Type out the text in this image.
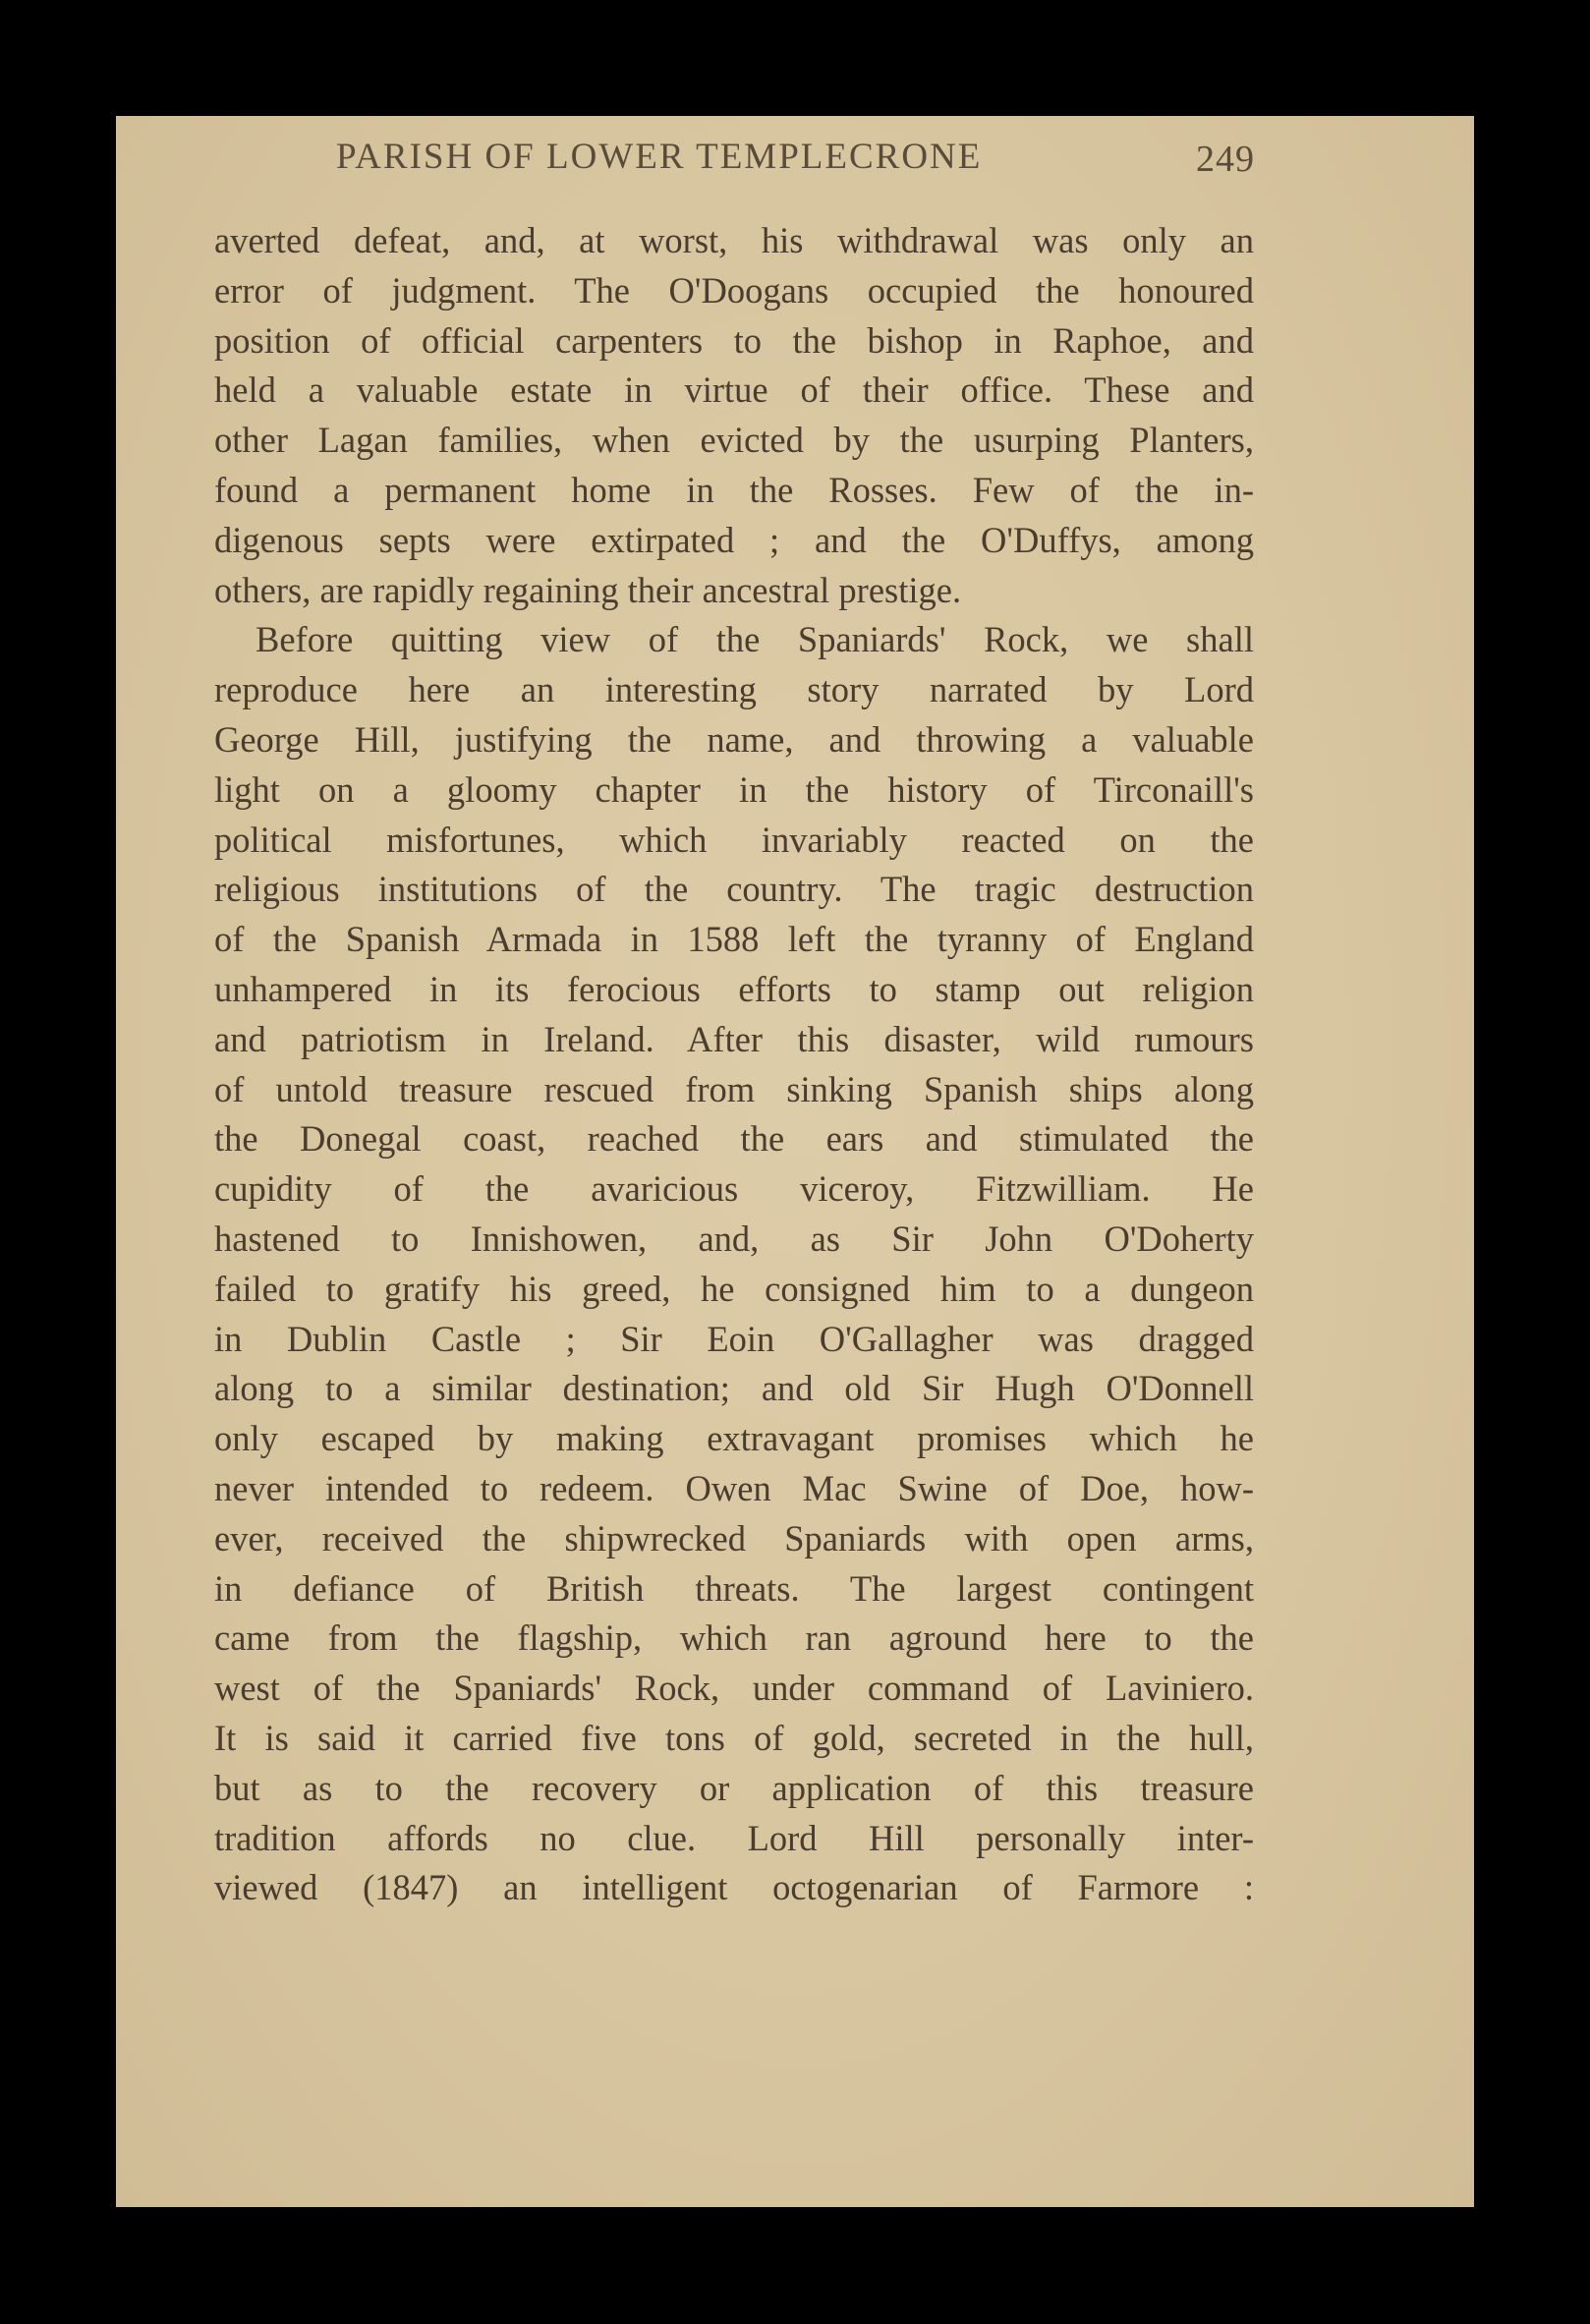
PARISH OF LOWER TEMPLECRONE	249
averted defeat, and, at worst, his withdrawal was only an
error of judgment. The O'Doogans occupied the honoured
position of official carpenters to the bishop in Raphoe, and
held a valuable estate in virtue of their office. These and
other Lagan families, when evicted by the usurping Planters,
found a permanent home in the Rosses. Few of the in-
digenous septs were extirpated ; and the O'Duffys, among
others, are rapidly regaining their ancestral prestige.
Before quitting view of the Spaniards' Rock, we shall
reproduce here an interesting story narrated by Lord
George Hill, justifying the name, and throwing a valuable
light on a gloomy chapter in the history of Tirconaill's
political misfortunes, which invariably reacted on the
religious institutions of the country. The tragic destruction
of the Spanish Armada in 1588 left the tyranny of England
unhampered in its ferocious efforts to stamp out religion
and patriotism in Ireland. After this disaster, wild rumours
of untold treasure rescued from sinking Spanish ships along
the Donegal coast, reached the ears and stimulated the
cupidity of the avaricious viceroy, Fitzwilliam. He
hastened to Innishowen, and, as Sir John O'Doherty
failed to gratify his greed, he consigned him to a dungeon
in Dublin Castle ; Sir Eoin O'Gallagher was dragged
along to a similar destination; and old Sir Hugh O'Donnell
only escaped by making extravagant promises which he
never intended to redeem. Owen Mac Swine of Doe, how-
ever, received the shipwrecked Spaniards with open arms,
in defiance of British threats. The largest contingent
came from the flagship, which ran aground here to the
west of the Spaniards' Rock, under command of Laviniero.
It is said it carried five tons of gold, secreted in the hull,
but as to the recovery or application of this treasure
tradition affords no clue. Lord Hill personally inter-
viewed (1847) an intelligent octogenarian of Farmore :
